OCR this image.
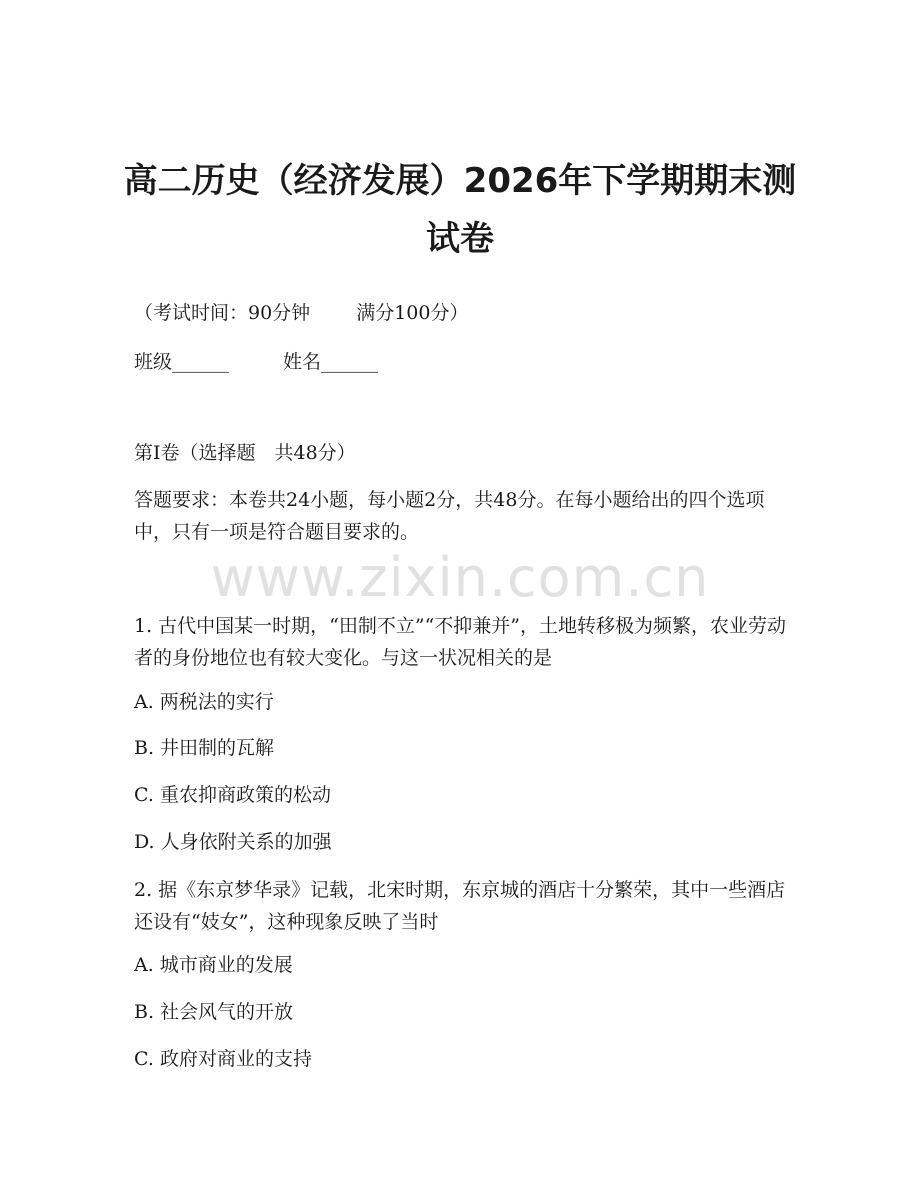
高二历史（经济发展）2026年下学期期末测试卷
（考试时间：90分钟 满分100分）
班级______	姓名______
第Ⅰ卷（选择题　共48分）
答题要求：本卷共24小题，每小题2分，共48分。在每小题给出的四个选项中，只有一项是符合题目要求的。
www.zixin.com.cn
1. 古代中国某一时期，“田制不立”“不抑兼并”，土地转移极为频繁，农业劳动者的身份地位也有较大变化。与这一状况相关的是
A. 两税法的实行
B. 井田制的瓦解
C. 重农抑商政策的松动
D. 人身依附关系的加强
2. 据《东京梦华录》记载，北宋时期，东京城的酒店十分繁荣，其中一些酒店还设有“妓女”，这种现象反映了当时
A. 城市商业的发展
B. 社会风气的开放
C. 政府对商业的支持
